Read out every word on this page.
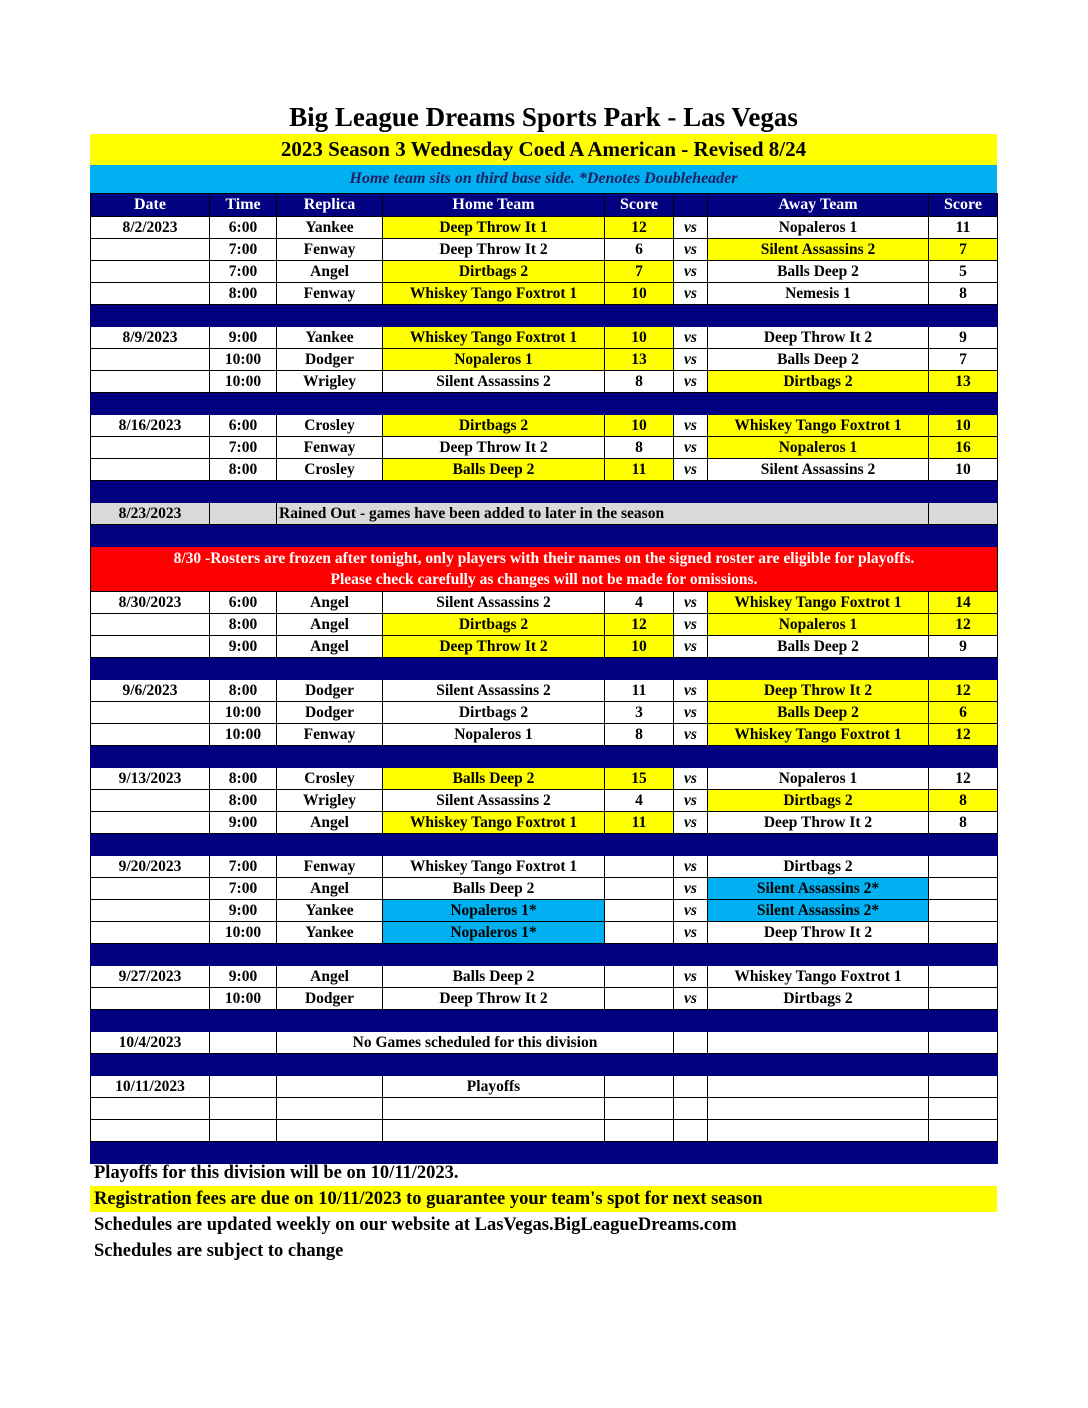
Big League Dreams Sports Park - Las Vegas
2023 Season 3 Wednesday Coed A American - Revised 8/24
Home team sits on third base side. *Denotes Doubleheader
Date	Time	Replica	Home Team	Score		Away Team	Score	
8/2/2023	6:00	Yankee	Deep Throw It 1	12	vs	Nopaleros 1	11	
	7:00	Fenway	Deep Throw It 2	6	vs	Silent Assassins 2	7	
	7:00	Angel	Dirtbags 2	7	vs	Balls Deep 2	5	
	8:00	Fenway	Whiskey Tango Foxtrot 1	10	vs	Nemesis 1	8	

8/9/2023	9:00	Yankee	Whiskey Tango Foxtrot 1	10	vs	Deep Throw It 2	9	
	10:00	Dodger	Nopaleros 1	13	vs	Balls Deep 2	7	
	10:00	Wrigley	Silent Assassins 2	8	vs	Dirtbags 2	13	

8/16/2023	6:00	Crosley	Dirtbags 2	10	vs	Whiskey Tango Foxtrot 1	10	
	7:00	Fenway	Deep Throw It 2	8	vs	Nopaleros 1	16	
	8:00	Crosley	Balls Deep 2	11	vs	Silent Assassins 2	10	

8/23/2023		Rained Out - games have been added to later in the season						

8/30 -Rosters are frozen after tonight, only players with their names on the signed roster are eligible for playoffs.
Please check carefully as changes will not be made for omissions.								

8/30/2023	6:00	Angel	Silent Assassins 2	4	vs	Whiskey Tango Foxtrot 1	14	
	8:00	Angel	Dirtbags 2	12	vs	Nopaleros 1	12	
	9:00	Angel	Deep Throw It 2	10	vs	Balls Deep 2	9	

9/6/2023	8:00	Dodger	Silent Assassins 2	11	vs	Deep Throw It 2	12	
	10:00	Dodger	Dirtbags 2	3	vs	Balls Deep 2	6	
	10:00	Fenway	Nopaleros 1	8	vs	Whiskey Tango Foxtrot 1	12	

9/13/2023	8:00	Crosley	Balls Deep 2	15	vs	Nopaleros 1	12	
	8:00	Wrigley	Silent Assassins 2	4	vs	Dirtbags 2	8	
	9:00	Angel	Whiskey Tango Foxtrot 1	11	vs	Deep Throw It 2	8	

9/20/2023	7:00	Fenway	Whiskey Tango Foxtrot 1		vs	Dirtbags 2		
	7:00	Angel	Balls Deep 2		vs	Silent Assassins 2*		
	9:00	Yankee	Nopaleros 1*		vs	Silent Assassins 2*		
	10:00	Yankee	Nopaleros 1*		vs	Deep Throw It 2		

9/27/2023	9:00	Angel	Balls Deep 2		vs	Whiskey Tango Foxtrot 1		
	10:00	Dodger	Deep Throw It 2		vs	Dirtbags 2		

10/4/2023		No Games scheduled for this division						

10/11/2023			Playoffs					

Playoffs for this division will be on 10/11/2023.
Registration fees are due on 10/11/2023 to guarantee your team's spot for next season
Schedules are updated weekly on our website at LasVegas.BigLeagueDreams.com
Schedules are subject to change
